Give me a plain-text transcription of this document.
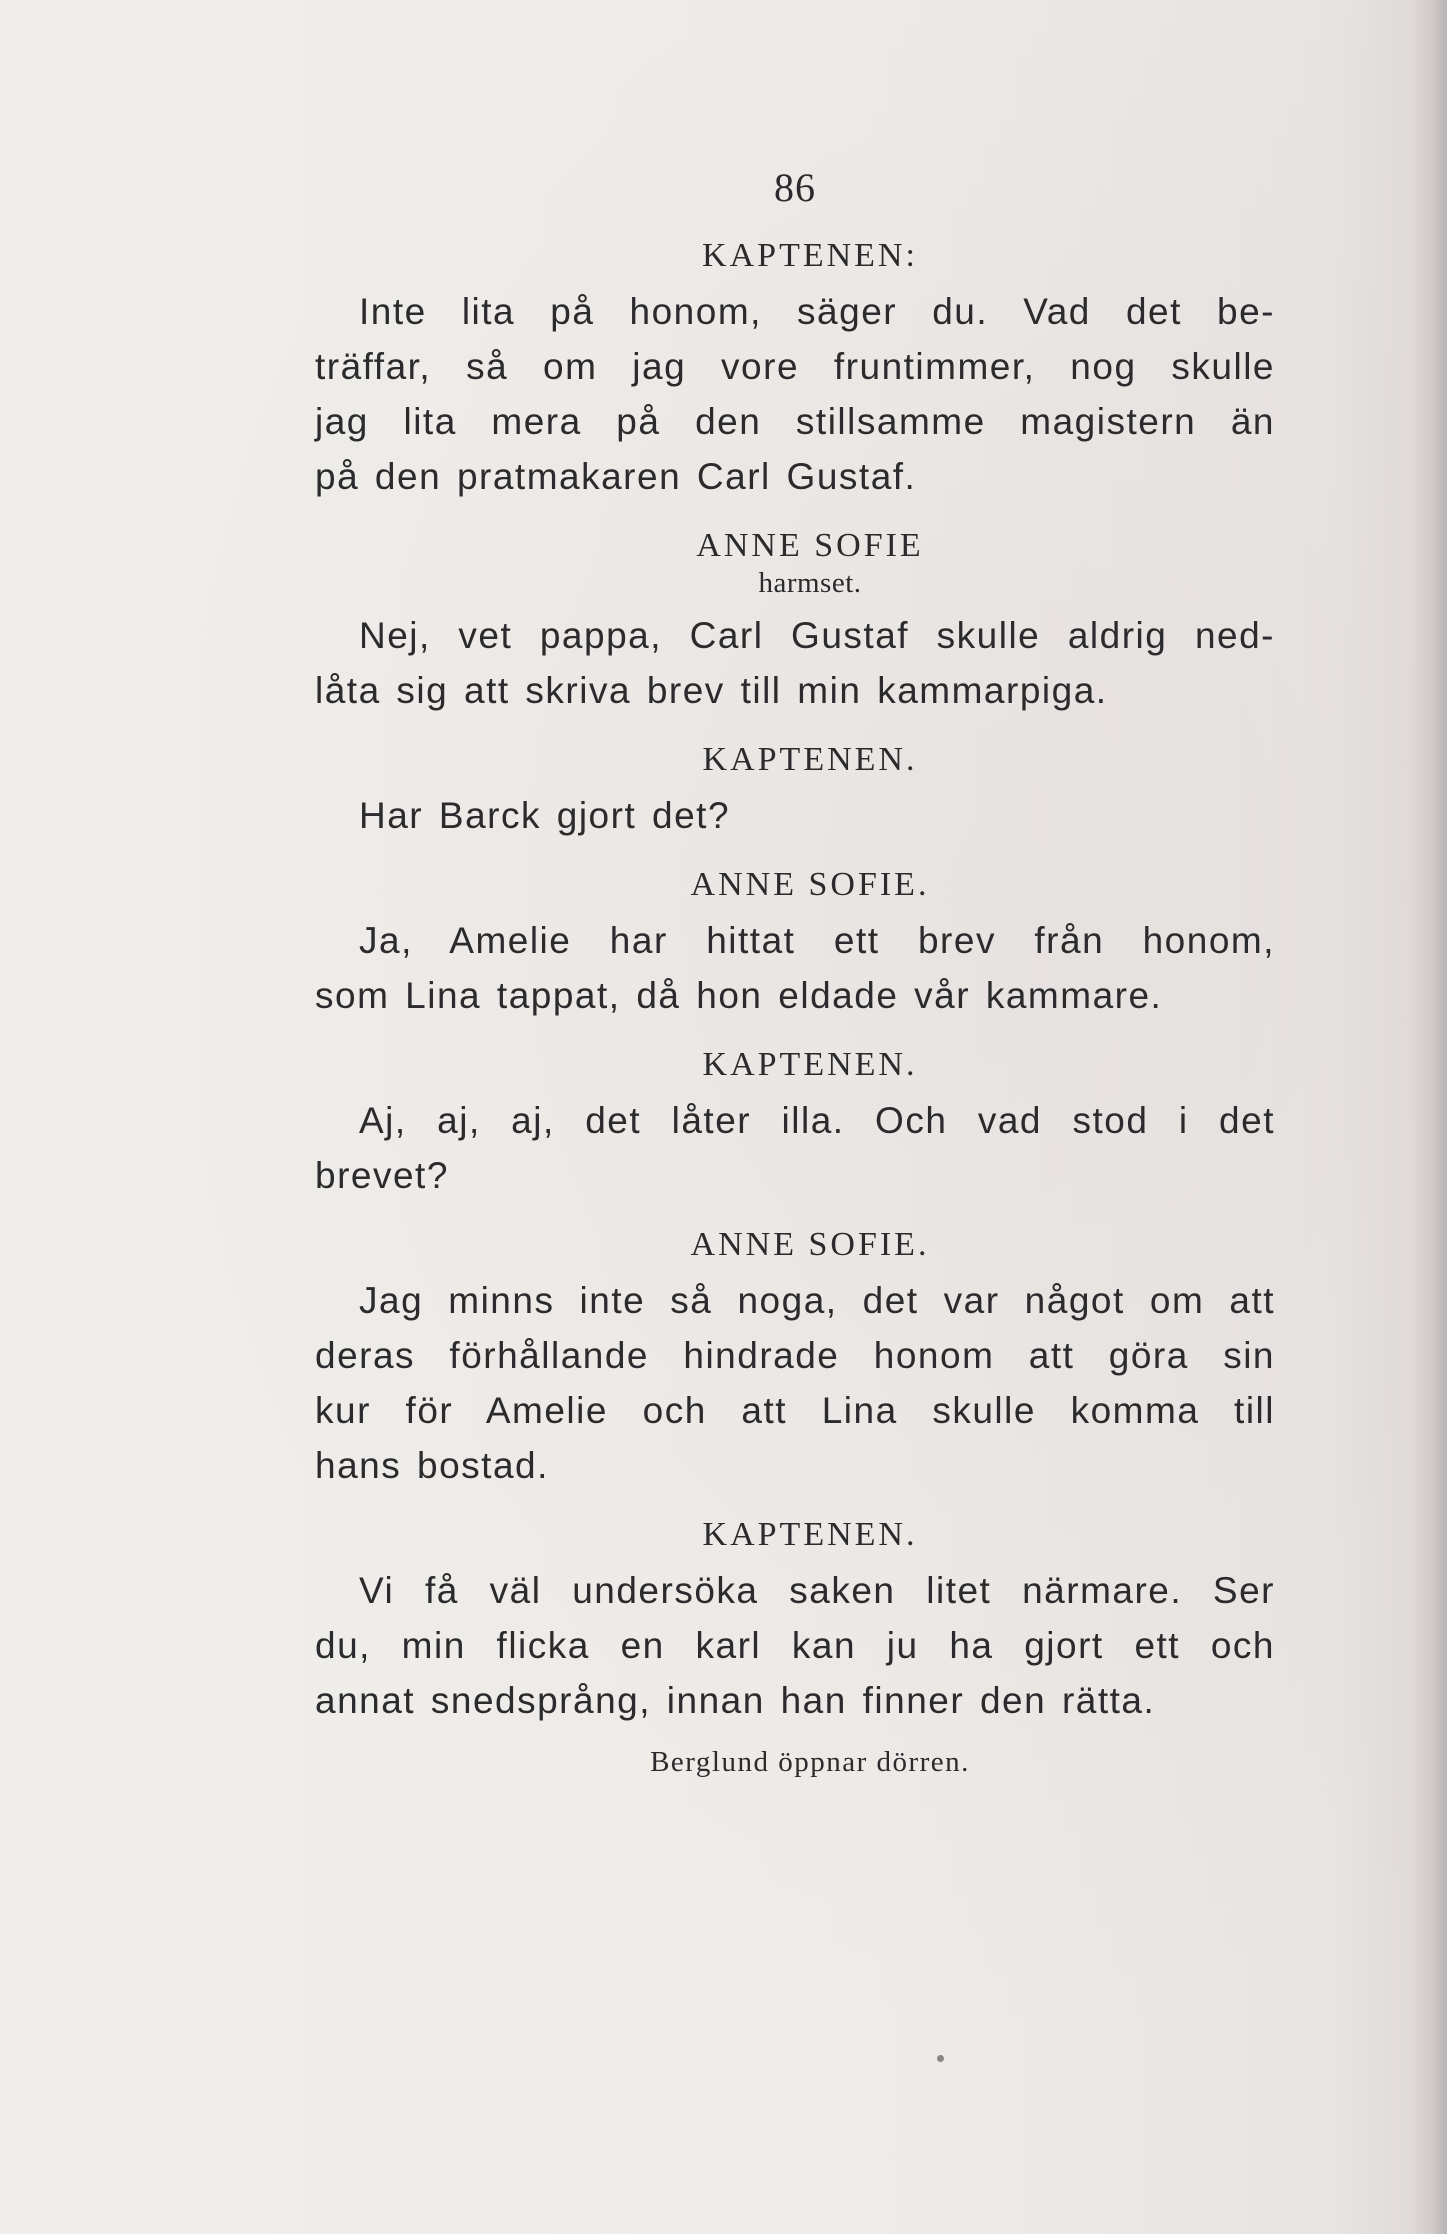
86

KAPTENEN:

Inte lita på honom, säger du. Vad det be-
träffar, så om jag vore fruntimmer, nog skulle
jag lita mera på den stillsamme magistern än
på den pratmakaren Carl Gustaf.

ANNE SOFIE

harmset.

Nej, vet pappa, Carl Gustaf skulle aldrig ned-
låta sig att skriva brev till min kammarpiga.

KAPTENEN.

Har Barck gjort det?

ANNE SOFIE.

Ja, Amelie har hittat ett brev från honom,
som Lina tappat, då hon eldade vår kammare.

KAPTENEN.

Aj, aj, aj, det låter illa. Och vad stod i det
brevet?

ANNE SOFIE.

Jag minns inte så noga, det var något om att
deras förhållande hindrade honom att göra sin
kur för Amelie och att Lina skulle komma till
hans bostad.

KAPTENEN.

Vi få väl undersöka saken litet närmare. Ser
du, min flicka en karl kan ju ha gjort ett och
annat snedsprång, innan han finner den rätta.

Berglund öppnar dörren.
